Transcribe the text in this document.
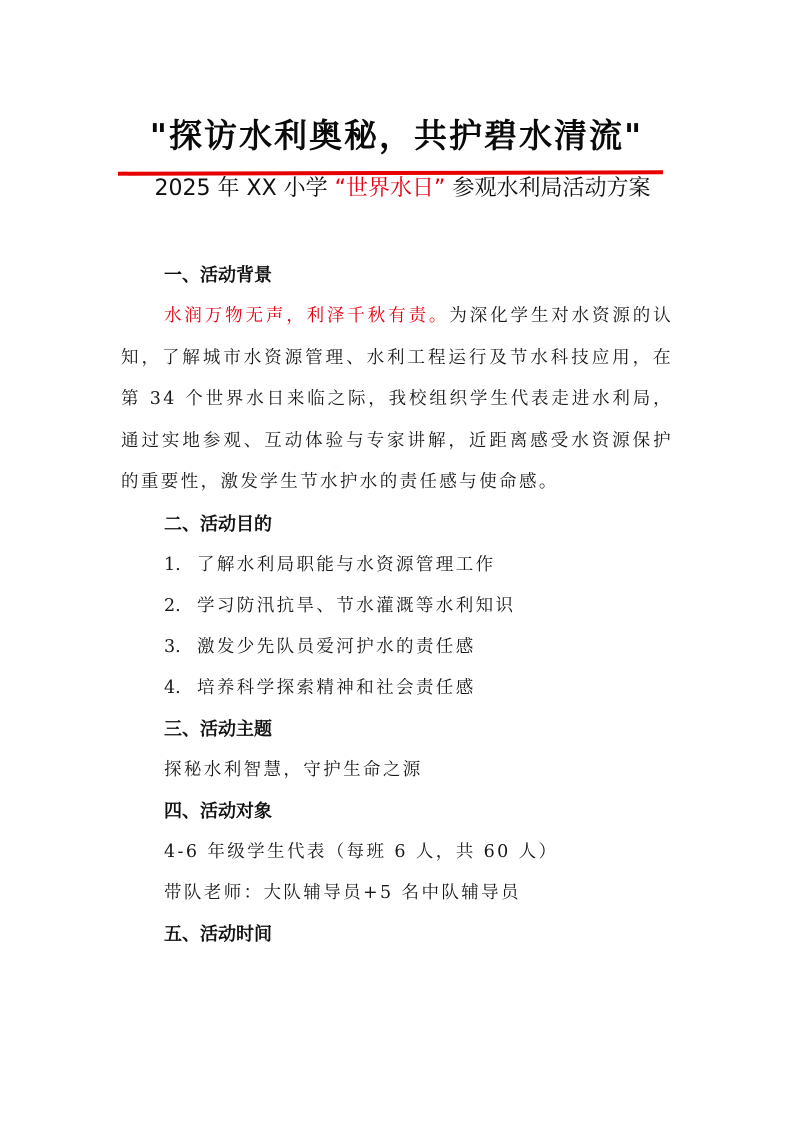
"探访水利奥秘，共护碧水清流"
2025 年 XX 小学 “世界水日” 参观水利局活动方案
一、活动背景

水润万物无声，利泽千秋有责。为深化学生对水资源的认知，了解城市水资源管理、水利工程运行及节水科技应用，在第 34 个世界水日来临之际，我校组织学生代表走进水利局，通过实地参观、互动体验与专家讲解，近距离感受水资源保护的重要性，激发学生节水护水的责任感与使命感。

二、活动目的
1. 了解水利局职能与水资源管理工作
2. 学习防汛抗旱、节水灌溉等水利知识
3. 激发少先队员爱河护水的责任感
4. 培养科学探索精神和社会责任感
三、活动主题
探秘水利智慧，守护生命之源
四、活动对象
4-6 年级学生代表（每班 6 人，共 60 人）
带队老师：大队辅导员+5 名中队辅导员
五、活动时间
